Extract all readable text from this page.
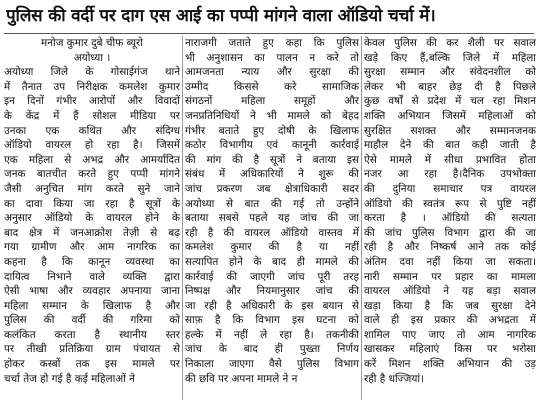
पुलिस की वर्दी पर दाग एस आई का पप्पी मांगने वाला ऑडियो चर्चा में।
मनोज कुमार दुबे चीफ ब्यूरो
अयोध्या ।
अयोध्या जिले के गोसाईगंज थाने
में तैनात उप निरीक्षक कमलेश कुमार
इन दिनों गंभीर आरोपों और विवादों
के केंद्र में हैं सोशल मीडिया पर
उनका एक कथित और संदिग्ध
ऑडियो वायरल हो रहा है। जिसमें
एक महिला से अभद्र और आमर्यादित
जनक बातचीत करते हुए पप्पी मांगने
जैसी अनुचित मांग करते सुने जाने
का दावा किया जा रहा है सूत्रों के
अनुसार ऑडियो के वायरल होने के
बाद क्षेत्र में जनआक्रोश तेज़ी से बढ़
गया ग्रामीण और आम नागरिक का
कहना है कि कानून व्यवस्था का
दायित्व निभाने वाले व्यक्ति द्वारा
ऐसी भाषा और व्यवहार अपनाया जाना
महिला सम्मान के खिलाफ है और
पुलिस की वर्दी की गरिमा को
कलंकित करता है स्थानीय स्तर
पर तीखी प्रतिक्रिया ग्राम पंचायत से
होकर कस्बों तक इस मामले पर
चर्चा तेज हो गई है कई महिलाओं ने
नाराजगी जताते हुए कहा कि पुलिस
भी अनुशासन का पालन न करे तो
आमजनता न्याय और सुरक्षा की
उम्मीद किससे करे सामाजिक
संगठनों महिला समूहों और
जनप्रतिनिधियों ने भी मामले को बेहद
गंभीर बताते हुए दोषी के खिलाफ
कठोर विभागीय एवं कानूनी कार्रवाई
की मांग की है सूत्रों ने बताया इस
संबंध में अधिकारियों ने शुरू की
जांच प्रकरण जब क्षेत्राधिकारी सदर
अयोध्या से बात की गई तो उन्होंने
बताया सबसे पहले यह जांच की जा
रही है की वायरल ऑडियो वास्तव में
कमलेश कुमार की है या नहीं
सत्यापित होने के बाद ही मामले की
कार्रवाई की जाएगी जांच पूरी तरह
निष्पक्ष और नियमानुसार जांच की
जा रही है अधिकारी के इस बयान से
साफ़ है कि विभाग इस घटना को
हल्के में नहीं ले रहा है। तकनीकी
जांच के बाद ही पुख्ता निर्णय
निकाला जाएगा वैसे पुलिस विभाग
की छवि पर अपना मामले ने न
केवल पुलिस की कर शैली पर सवाल
खड़े किए हैं,बल्कि जिले में महिला
सुरक्षा सम्मान और संवेदनशील को
लेकर भी बाहर छेड़ दी है पिछले
कुछ वर्षों से प्रदेश में चल रहा मिशन
शक्ति अभियान जिसमें महिलाओं को
सुरक्षित सशक्त और सम्मानजनक
माहौल देने की बात कही जाती है
ऐसे मामले में सीधा प्रभावित होता
नजर आ रहा है।दैनिक उपभोक्ता
की दुनिया समाचार पत्र वायरल
ऑडियो की स्वतंत्र रूप से पुष्टि नहीं
करता है । ऑडियो की सत्यता
की जांच पुलिस विभाग द्वारा की जा
रही है और निष्कर्ष आने तक कोई
अंतिम दवा नहीं किया जा सकता।
नारी सम्मान पर प्रहार का मामला
वायरल ऑडियो ने यह बड़ा सवाल
खड़ा किया है कि जब सुरक्षा देने
वाले ही इस प्रकार की अभद्रता में
शामिल पाए जाए तो आम नागरिक
खासकर महिलाएं किस पर भरोसा
करें मिशन शक्ति अभियान की उड़
रही है धज्जियां।
